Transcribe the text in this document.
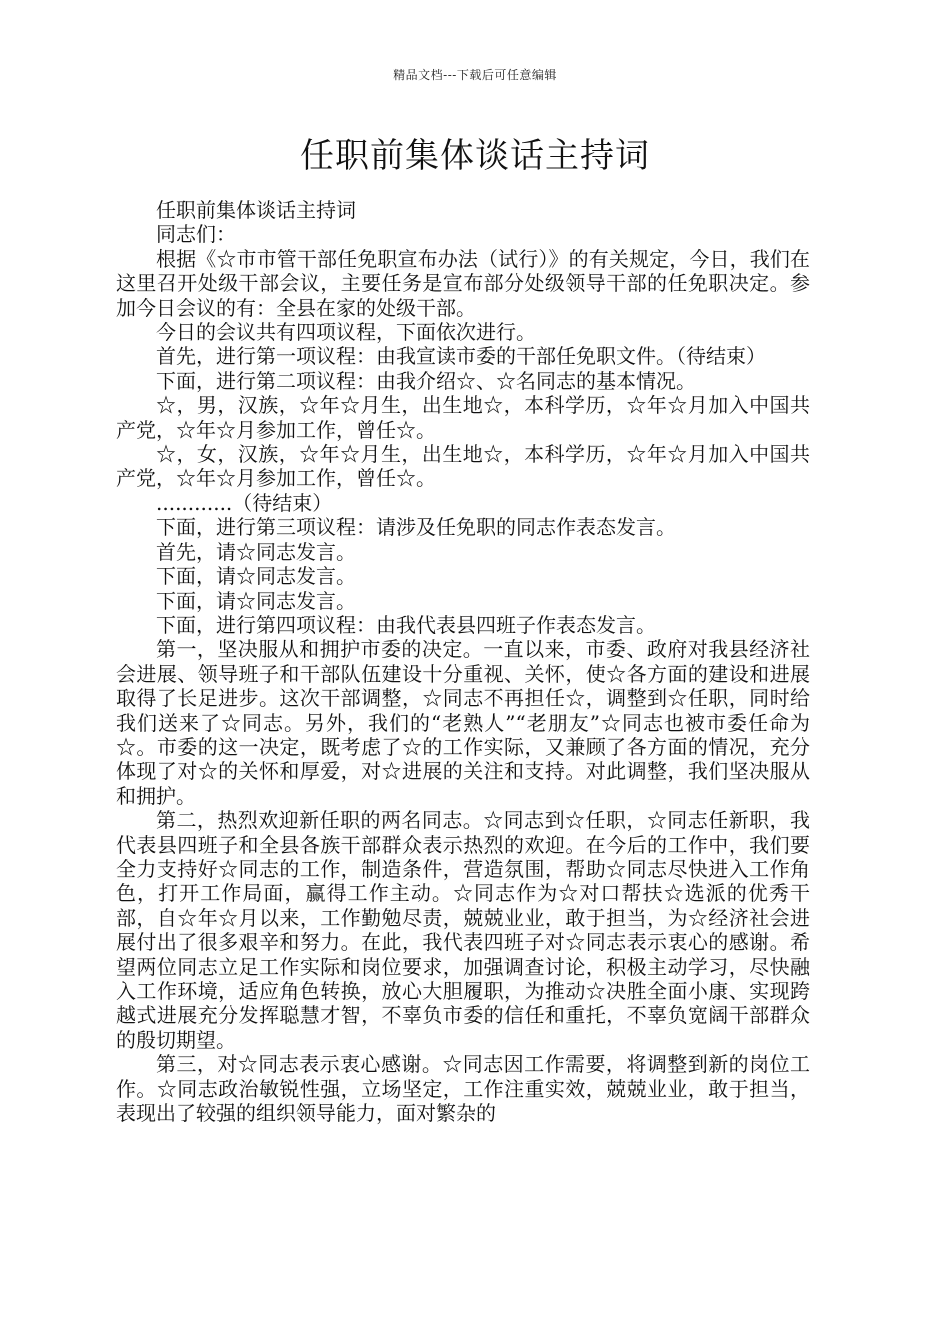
精品文档---下载后可任意编辑
任职前集体谈话主持词

任职前集体谈话主持词

同志们：

根据《☆市市管干部任免职宣布办法（试行）》的有关规定，今日，我们在这里召开处级干部会议，主要任务是宣布部分处级领导干部的任免职决定。参加今日会议的有：全县在家的处级干部。

今日的会议共有四项议程，下面依次进行。

首先，进行第一项议程：由我宣读市委的干部任免职文件。（待结束）

下面，进行第二项议程：由我介绍☆、☆名同志的基本情况。

☆，男，汉族，☆年☆月生，出生地☆，本科学历，☆年☆月加入中国共产党，☆年☆月参加工作，曾任☆。

☆，女，汉族，☆年☆月生，出生地☆，本科学历，☆年☆月加入中国共产党，☆年☆月参加工作，曾任☆。

............（待结束）

下面，进行第三项议程：请涉及任免职的同志作表态发言。

首先，请☆同志发言。

下面，请☆同志发言。

下面，请☆同志发言。

下面，进行第四项议程：由我代表县四班子作表态发言。

第一，坚决服从和拥护市委的决定。一直以来，市委、政府对我县经济社会进展、领导班子和干部队伍建设十分重视、关怀，使☆各方面的建设和进展取得了长足进步。这次干部调整，☆同志不再担任☆，调整到☆任职，同时给我们送来了☆同志。另外，我们的“老熟人”“老朋友”☆同志也被市委任命为☆。市委的这一决定，既考虑了☆的工作实际，又兼顾了各方面的情况，充分体现了对☆的关怀和厚爱，对☆进展的关注和支持。对此调整，我们坚决服从和拥护。

第二，热烈欢迎新任职的两名同志。☆同志到☆任职，☆同志任新职，我代表县四班子和全县各族干部群众表示热烈的欢迎。在今后的工作中，我们要全力支持好☆同志的工作，制造条件，营造氛围，帮助☆同志尽快进入工作角色，打开工作局面，赢得工作主动。☆同志作为☆对口帮扶☆选派的优秀干部，自☆年☆月以来，工作勤勉尽责，兢兢业业，敢于担当，为☆经济社会进展付出了很多艰辛和努力。在此，我代表四班子对☆同志表示衷心的感谢。希望两位同志立足工作实际和岗位要求，加强调查讨论，积极主动学习，尽快融入工作环境，适应角色转换，放心大胆履职，为推动☆决胜全面小康、实现跨越式进展充分发挥聪慧才智，不辜负市委的信任和重托，不辜负宽阔干部群众的殷切期望。

第三，对☆同志表示衷心感谢。☆同志因工作需要，将调整到新的岗位工作。☆同志政治敏锐性强，立场坚定，工作注重实效，兢兢业业，敢于担当，表现出了较强的组织领导能力，面对繁杂的
